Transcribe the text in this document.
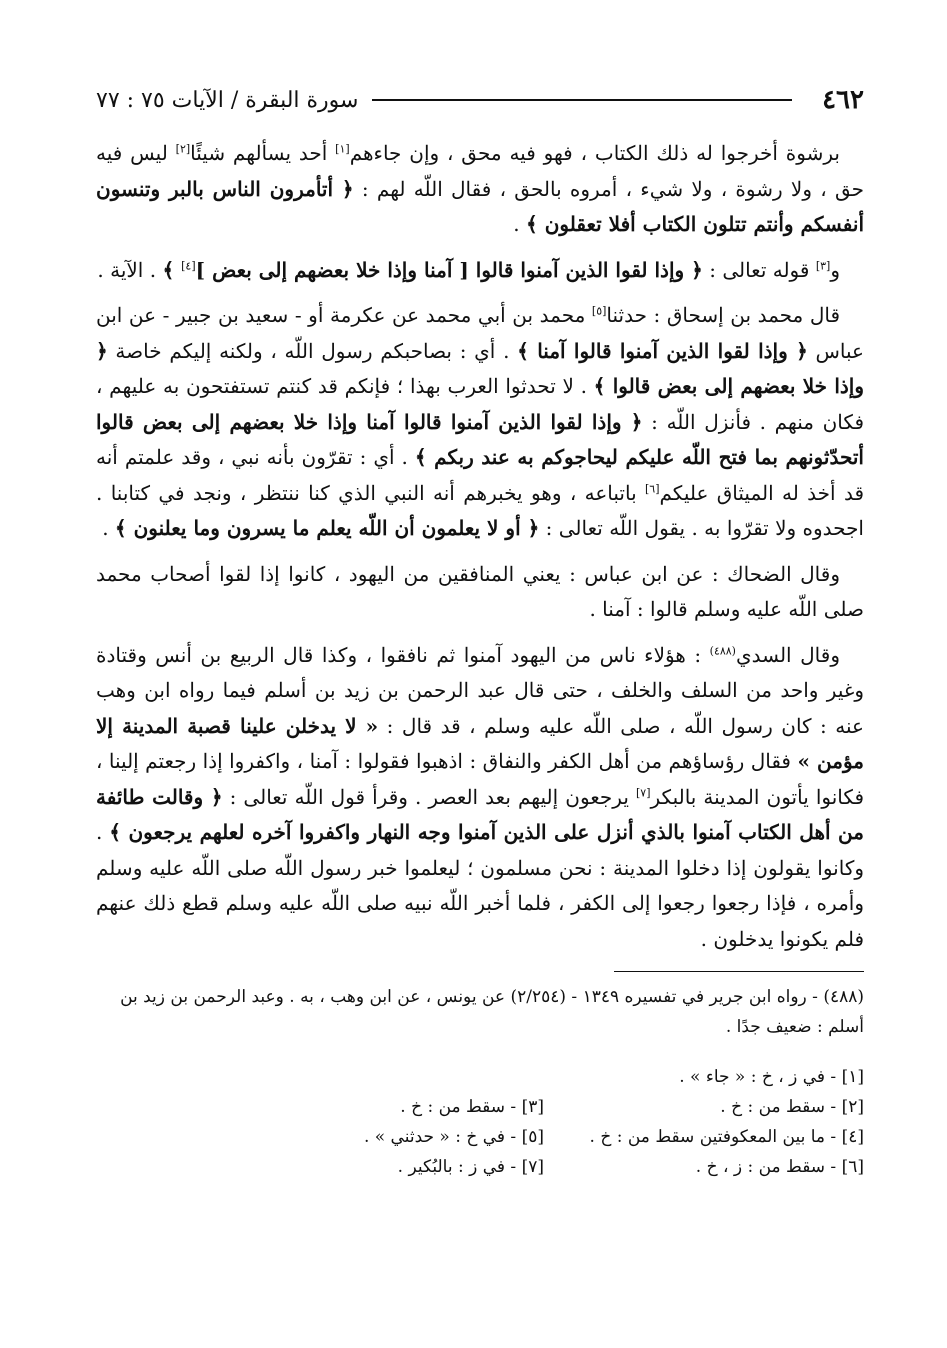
٤٦٢
سورة البقرة / الآيات ٧٥ : ٧٧

برشوة أخرجوا له ذلك الكتاب ، فهو فيه محق ، وإن جاءهم[١] أحد يسألهم شيئًا[٢] ليس فيه حق ، ولا رشوة ، ولا شيء ، أمروه بالحق ، فقال اللّه لهم : ﴿ أتأمرون الناس بالبر وتنسون أنفسكم وأنتم تتلون الكتاب أفلا تعقلون ﴾ .

و[٣] قوله تعالى : ﴿ وإذا لقوا الذين آمنوا قالوا [ آمنا وإذا خلا بعضهم إلى بعض ][٤] ﴾ . الآية .

قال محمد بن إسحاق : حدثنا[٥] محمد بن أبي محمد عن عكرمة أو - سعيد بن جبير - عن ابن عباس ﴿ وإذا لقوا الذين آمنوا قالوا آمنا ﴾ . أي : بصاحبكم رسول اللّه ، ولكنه إليكم خاصة ﴿ وإذا خلا بعضهم إلى بعض قالوا ﴾ . لا تحدثوا العرب بهذا ؛ فإنكم قد كنتم تستفتحون به عليهم ، فكان منهم . فأنزل اللّه : ﴿ وإذا لقوا الذين آمنوا قالوا آمنا وإذا خلا بعضهم إلى بعض قالوا أتحدّثونهم بما فتح اللّه عليكم ليحاجوكم به عند ربكم ﴾ . أي : تقرّون بأنه نبي ، وقد علمتم أنه قد أخذ له الميثاق عليكم[٦] باتباعه ، وهو يخبرهم أنه النبي الذي كنا ننتظر ، ونجد في كتابنا . اجحدوه ولا تقرّوا به . يقول اللّه تعالى : ﴿ أو لا يعلمون أن اللّه يعلم ما يسرون وما يعلنون ﴾ .

وقال الضحاك : عن ابن عباس : يعني المنافقين من اليهود ، كانوا إذا لقوا أصحاب محمد صلى اللّه عليه وسلم قالوا : آمنا .

وقال السدي$^{(٤٨٨)}$ : هؤلاء ناس من اليهود آمنوا ثم نافقوا ، وكذا قال الربيع بن أنس وقتادة وغير واحد من السلف والخلف ، حتى قال عبد الرحمن بن زيد بن أسلم فيما رواه ابن وهب عنه : كان رسول اللّه ، صلى اللّه عليه وسلم ، قد قال : « لا يدخلن علينا قصبة المدينة إلا مؤمن » فقال رؤساؤهم من أهل الكفر والنفاق : اذهبوا فقولوا : آمنا ، واكفروا إذا رجعتم إلينا ، فكانوا يأتون المدينة بالبكر[٧] يرجعون إليهم بعد العصر . وقرأ قول اللّه تعالى : ﴿ وقالت طائفة من أهل الكتاب آمنوا بالذي أنزل على الذين آمنوا وجه النهار واكفروا آخره لعلهم يرجعون ﴾ . وكانوا يقولون إذا دخلوا المدينة : نحن مسلمون ؛ ليعلموا خبر رسول اللّه صلى اللّه عليه وسلم وأمره ، فإذا رجعوا رجعوا إلى الكفر ، فلما أخبر اللّه نبيه صلى اللّه عليه وسلم قطع ذلك عنهم فلم يكونوا يدخلون .

(٤٨٨) - رواه ابن جرير في تفسيره ١٣٤٩ - (٢/٢٥٤) عن يونس ، عن ابن وهب ، به . وعبد الرحمن بن زيد بن أسلم : ضعيف جدًا .
[١] - في ز ، خ : « جاء » .
[٢] - سقط من : خ .
[٣] - سقط من : خ .
[٤] - ما بين المعكوفتين سقط من : خ .
[٥] - في خ : « حدثني » .
[٦] - سقط من : ز ، خ .
[٧] - في ز : بالبُكير .
